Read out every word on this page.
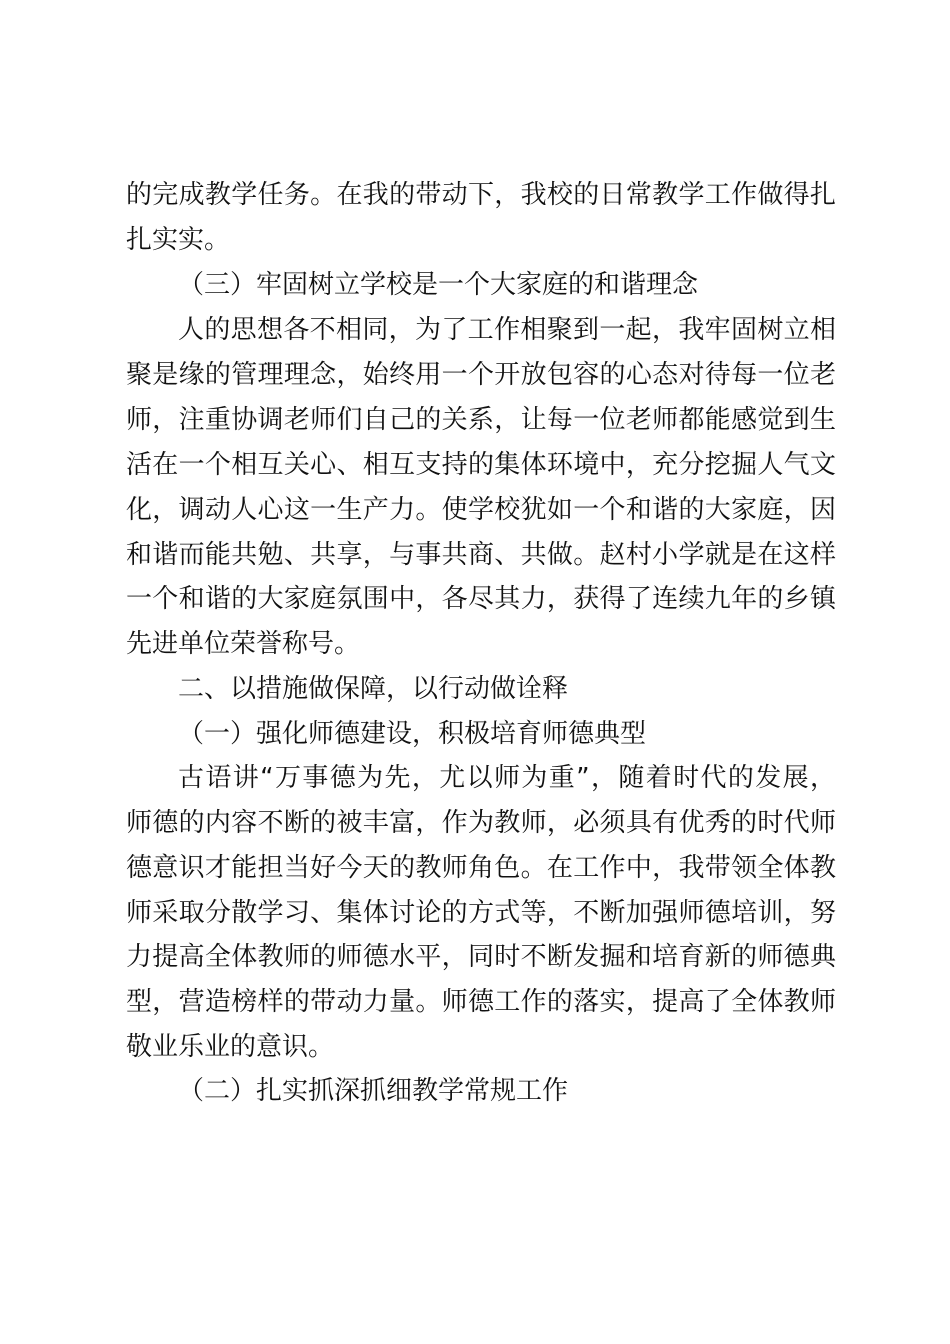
的完成教学任务。在我的带动下，我校的日常教学工作做得扎
扎实实。
（三）牢固树立学校是一个大家庭的和谐理念
人的思想各不相同，为了工作相聚到一起，我牢固树立相
聚是缘的管理理念，始终用一个开放包容的心态对待每一位老
师，注重协调老师们自己的关系，让每一位老师都能感觉到生
活在一个相互关心、相互支持的集体环境中，充分挖掘人气文
化，调动人心这一生产力。使学校犹如一个和谐的大家庭，因
和谐而能共勉、共享，与事共商、共做。赵村小学就是在这样
一个和谐的大家庭氛围中，各尽其力，获得了连续九年的乡镇
先进单位荣誉称号。
二、以措施做保障，以行动做诠释
（一）强化师德建设，积极培育师德典型
古语讲“万事德为先，尤以师为重”，随着时代的发展，
师德的内容不断的被丰富，作为教师，必须具有优秀的时代师
德意识才能担当好今天的教师角色。在工作中，我带领全体教
师采取分散学习、集体讨论的方式等，不断加强师德培训，努
力提高全体教师的师德水平，同时不断发掘和培育新的师德典
型，营造榜样的带动力量。师德工作的落实，提高了全体教师
敬业乐业的意识。
（二）扎实抓深抓细教学常规工作
